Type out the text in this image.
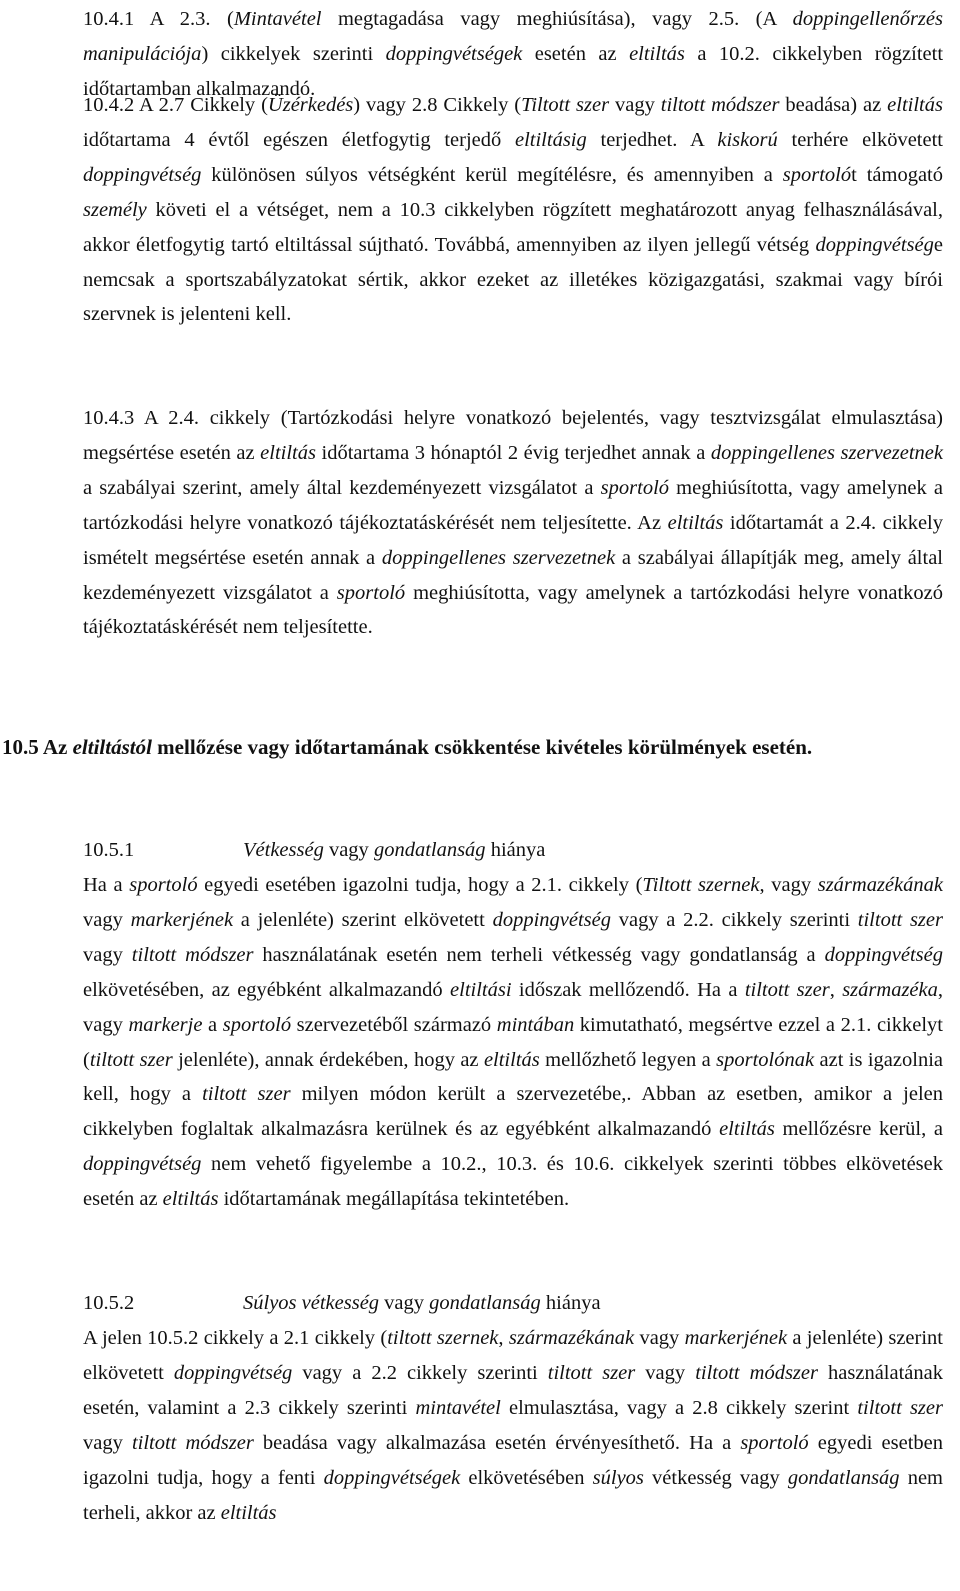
10.4.1 A 2.3. (Mintavétel megtagadása vagy meghiúsítása), vagy 2.5. (A doppingellenőrzés manipulációja) cikkelyek szerinti doppingvétségek esetén az eltiltás a 10.2. cikkelyben rögzített időtartamban alkalmazandó.

10.4.2 A 2.7 Cikkely (Üzérkedés) vagy 2.8 Cikkely (Tiltott szer vagy tiltott módszer beadása) az eltiltás időtartama 4 évtől egészen életfogytig terjedő eltiltásig terjedhet. A kiskorú terhére elkövetett doppingvétség különösen súlyos vétségként kerül megítélésre, és amennyiben a sportolót támogató személy követi el a vétséget, nem a 10.3 cikkelyben rögzített meghatározott anyag felhasználásával, akkor életfogytig tartó eltiltással sújtható. Továbbá, amennyiben az ilyen jellegű vétség doppingvétsége nemcsak a sportszabályzatokat sértik, akkor ezeket az illetékes közigazgatási, szakmai vagy bírói szervnek is jelenteni kell.

10.4.3 A 2.4. cikkely (Tartózkodási helyre vonatkozó bejelentés, vagy tesztvizsgálat elmulasztása) megsértése esetén az eltiltás időtartama 3 hónaptól 2 évig terjedhet annak a doppingellenes szervezetnek a szabályai szerint, amely által kezdeményezett vizsgálatot a sportoló meghiúsította, vagy amelynek a tartózkodási helyre vonatkozó tájékoztatáskérését nem teljesítette. Az eltiltás időtartamát a 2.4. cikkely ismételt megsértése esetén annak a doppingellenes szervezetnek a szabályai állapítják meg, amely által kezdeményezett vizsgálatot a sportoló meghiúsította, vagy amelynek a tartózkodási helyre vonatkozó tájékoztatáskérését nem teljesítette.

10.5 Az eltiltástól mellőzése vagy időtartamának csökkentése kivételes körülmények esetén.

10.5.1	Vétkesség vagy gondatlanság hiánya

Ha a sportoló egyedi esetében igazolni tudja, hogy a 2.1. cikkely (Tiltott szernek, vagy származékának vagy markerjének a jelenléte) szerint elkövetett doppingvétség vagy a 2.2. cikkely szerinti tiltott szer vagy tiltott módszer használatának esetén nem terheli vétkesség vagy gondatlanság a doppingvétség elkövetésében, az egyébként alkalmazandó eltiltási időszak mellőzendő. Ha a tiltott szer, származéka, vagy markerje a sportoló szervezetéből származó mintában kimutatható, megsértve ezzel a 2.1. cikkelyt (tiltott szer jelenléte), annak érdekében, hogy az eltiltás mellőzhető legyen a sportolónak azt is igazolnia kell, hogy a tiltott szer milyen módon került a szervezetébe,. Abban az esetben, amikor a jelen cikkelyben foglaltak alkalmazásra kerülnek és az egyébként alkalmazandó eltiltás mellőzésre kerül, a doppingvétség nem vehető figyelembe a 10.2., 10.3. és 10.6. cikkelyek szerinti többes elkövetések esetén az eltiltás időtartamának megállapítása tekintetében.

10.5.2	Súlyos vétkesség vagy gondatlanság hiánya

A jelen 10.5.2 cikkely a 2.1 cikkely (tiltott szernek, származékának vagy markerjének a jelenléte) szerint elkövetett doppingvétség vagy a 2.2 cikkely szerinti tiltott szer vagy tiltott módszer használatának esetén, valamint a 2.3 cikkely szerinti mintavétel elmulasztása, vagy a 2.8 cikkely szerint tiltott szer vagy tiltott módszer beadása vagy alkalmazása esetén érvényesíthető. Ha a sportoló egyedi esetben igazolni tudja, hogy a fenti doppingvétségek elkövetésében súlyos vétkesség vagy gondatlanság nem terheli, akkor az eltiltás
